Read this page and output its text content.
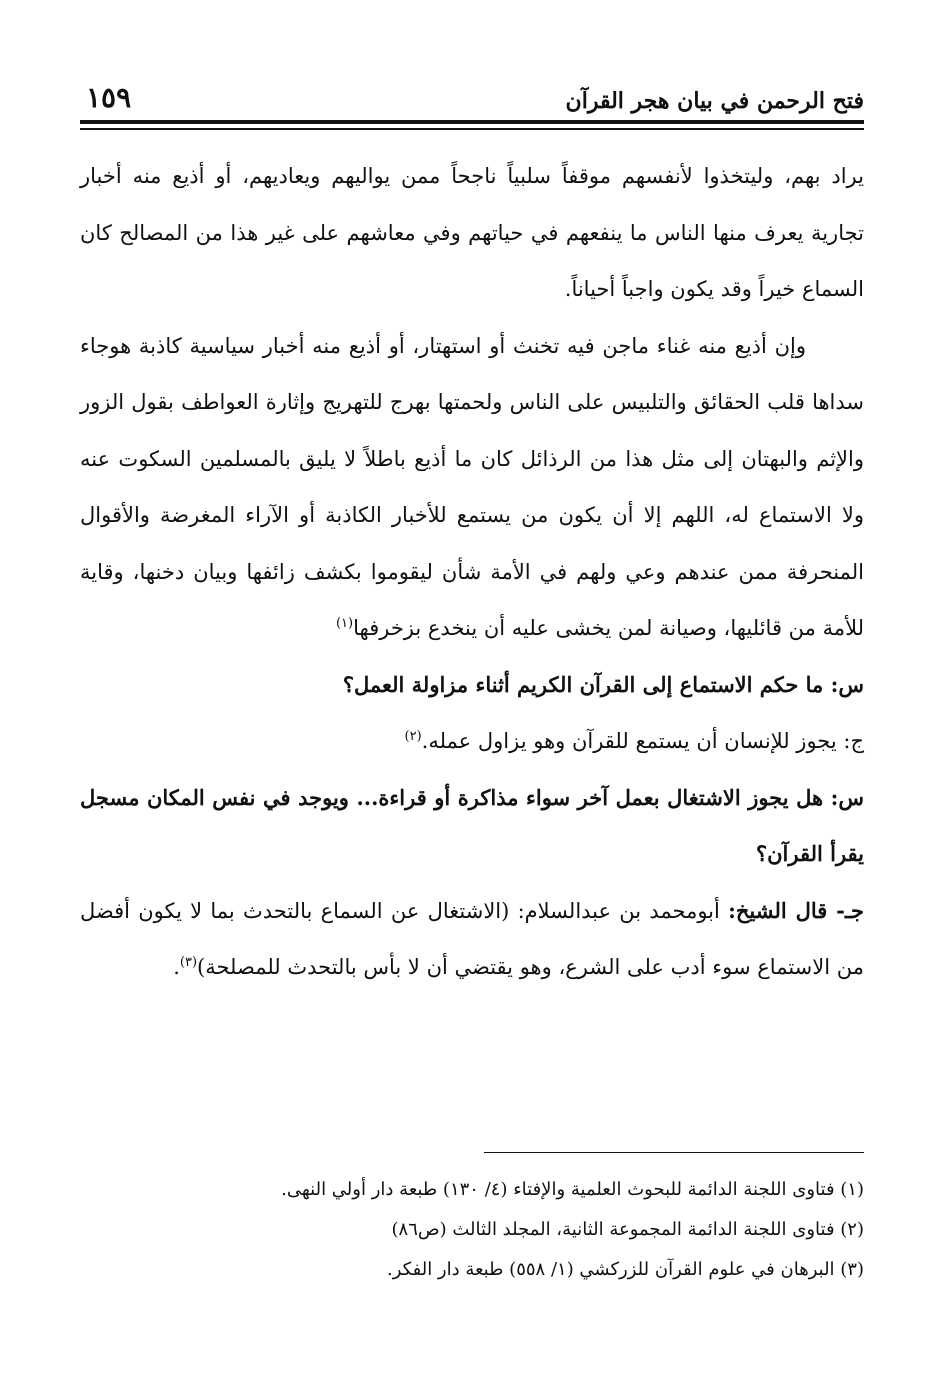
فتح الرحمن في بيان هجر القرآن
١٥٩

يراد بهم، وليتخذوا لأنفسهم موقفاً سلبياً ناجحاً ممن يواليهم ويعاديهم، أو أذيع منه أخبار تجارية يعرف منها الناس ما ينفعهم في حياتهم وفي معاشهم على غير هذا من المصالح كان السماع خيراً وقد يكون واجباً أحياناً.

وإن أذيع منه غناء ماجن فيه تخنث أو استهتار، أو أذيع منه أخبار سياسية كاذبة هوجاء سداها قلب الحقائق والتلبيس على الناس ولحمتها بهرج للتهريج وإثارة العواطف بقول الزور والإثم والبهتان إلى مثل هذا من الرذائل كان ما أذيع باطلاً لا يليق بالمسلمين السكوت عنه ولا الاستماع له، اللهم إلا أن يكون من يستمع للأخبار الكاذبة أو الآراء المغرضة والأقوال المنحرفة ممن عندهم وعي ولهم في الأمة شأن ليقوموا بكشف زائفها وبيان دخنها، وقاية للأمة من قائليها، وصيانة لمن يخشى عليه أن ينخدع بزخرفها$^{(١)}$

س: ما حكم الاستماع إلى القرآن الكريم أثناء مزاولة العمل؟

ج: يجوز للإنسان أن يستمع للقرآن وهو يزاول عمله.$^{(٢)}$

س: هل يجوز الاشتغال بعمل آخر سواء مذاكرة أو قراءة... ويوجد في نفس المكان مسجل يقرأ القرآن؟

جـ- قال الشيخ: أبومحمد بن عبدالسلام: (الاشتغال عن السماع بالتحدث بما لا يكون أفضل من الاستماع سوء أدب على الشرع، وهو يقتضي أن لا بأس بالتحدث للمصلحة)$^{(٣)}$.

(١) فتاوى اللجنة الدائمة للبحوث العلمية والإفتاء (٤/ ١٣٠) طبعة دار أولي النهى.

(٢) فتاوى اللجنة الدائمة المجموعة الثانية، المجلد الثالث (ص٨٦)

(٣) البرهان في علوم القرآن للزركشي (١/ ٥٥٨) طبعة دار الفكر.
